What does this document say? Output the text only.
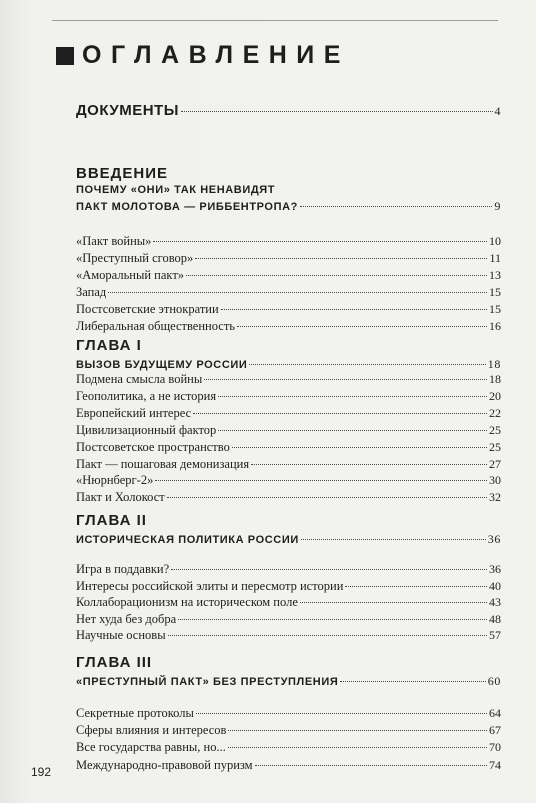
ОГЛАВЛЕНИЕ
ДОКУМЕНТЫ	4
ВВЕДЕНИЕ
ПОЧЕМУ «ОНИ» ТАК НЕНАВИДЯТ
ПАКТ МОЛОТОВА — РИББЕНТРОПА?	9
«Пакт войны»	10
«Преступный сговор»	11
«Аморальный пакт»	13
Запад	15
Постсоветские этнократии	15
Либеральная общественность	16
ГЛАВА I
ВЫЗОВ БУДУЩЕМУ РОССИИ	18
Подмена смысла войны	18
Геополитика, а не история	20
Европейский интерес	22
Цивилизационный фактор	25
Постсоветское пространство	25
Пакт — пошаговая демонизация	27
«Нюрнберг-2»	30
Пакт и Холокост	32
ГЛАВА II
ИСТОРИЧЕСКАЯ ПОЛИТИКА РОССИИ	36
Игра в поддавки?	36
Интересы российской элиты и пересмотр истории	40
Коллаборационизм на историческом поле	43
Нет худа без добра	48
Научные основы	57
ГЛАВА III
«ПРЕСТУПНЫЙ ПАКТ» БЕЗ ПРЕСТУПЛЕНИЯ	60
Секретные протоколы	64
Сферы влияния и интересов	67
Все государства равны, но...	70
Международно-правовой пуризм	74
192
